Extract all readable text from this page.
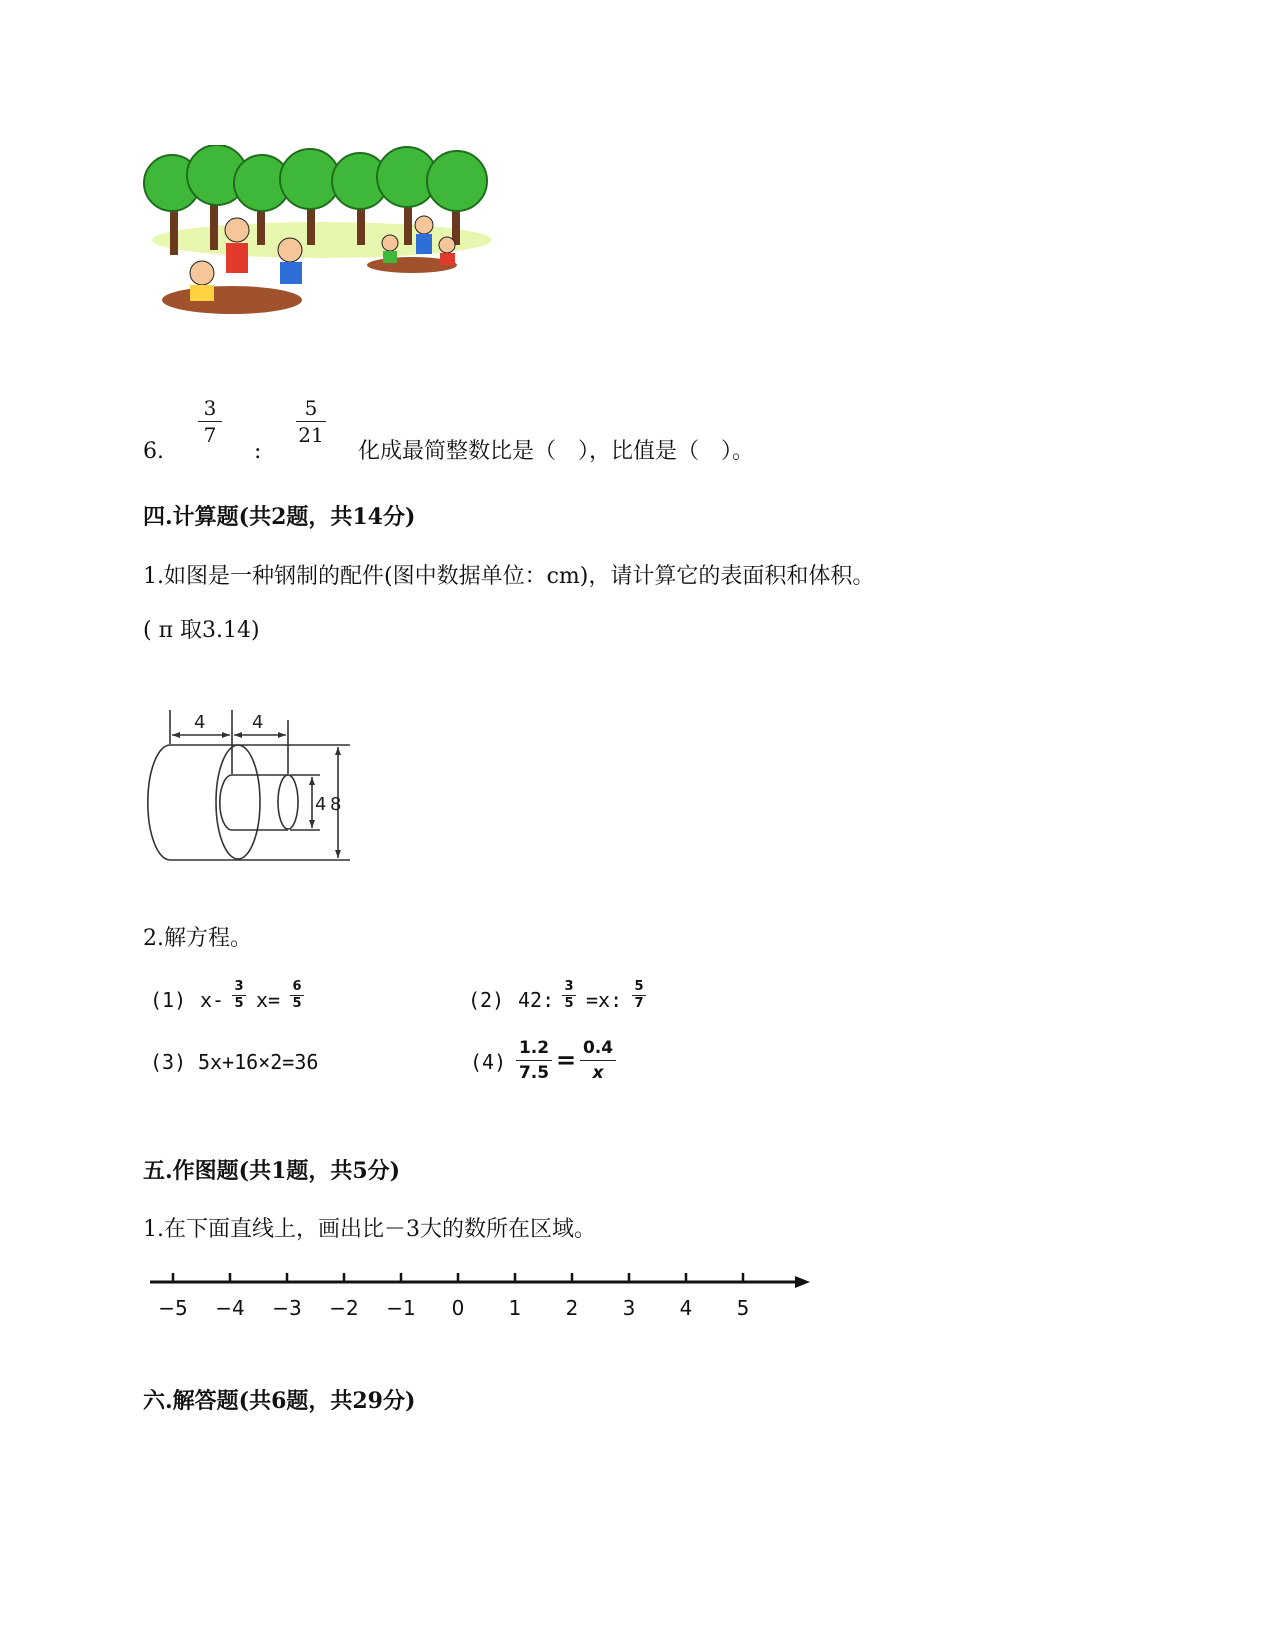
6.
3
7
:
5
21
化成最简整数比是（　），比值是（　）。
四.计算题(共2题，共14分)
1.如图是一种钢制的配件(图中数据单位：cm)，请计算它的表面积和体积。
( π 取3.14)
4	4
4 8
2.解方程。
(1) x-
3
5 x=
6
5	(2) 42:
3
5 =x:
5
7
(3) 5x+16×2=36	(4)
1.2
7.5 = 0.4
x
五.作图题(共1题，共5分)
1.在下面直线上，画出比－3大的数所在区域。
−5 −4 −3 −2 −1 0 1 2 3 4 5
六.解答题(共6题，共29分)
